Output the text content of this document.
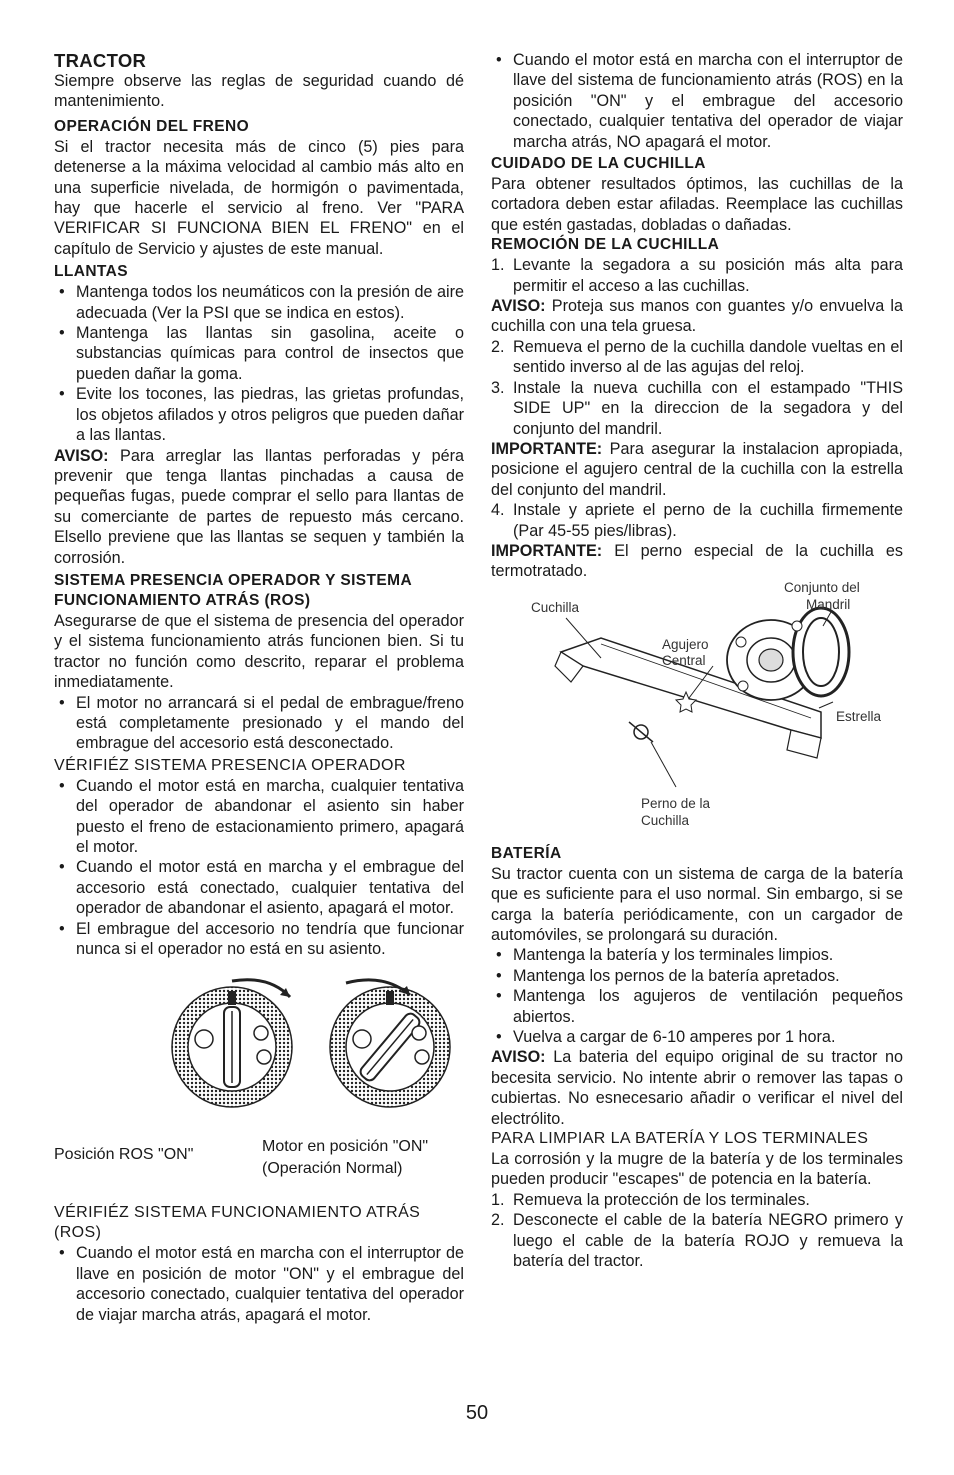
TRACTOR

Siempre observe las reglas de seguridad cuando dé mantenimiento.

OPERACIÓN DEL FRENO

Si el tractor necesita más de cinco (5) pies para detenerse a la máxima velocidad al cambio más alto en una superficie nivelada, de hormigón o pavimentada, hay que hacerle el servicio al freno. Ver "PARA VERIFICAR SI FUNCIONA BIEN EL FRENO" en el capítulo de Servicio y ajustes de este manual.

LLANTAS
• Mantenga todos los neumáticos con la presión de aire adecuada (Ver la PSI que se indica en estos).
• Mantenga las llantas sin gasolina, aceite o substancias químicas para control de insectos que pueden dañar la goma.
• Evite los tocones, las piedras, las grietas profundas, los objetos afilados y otros peligros que pueden dañar a las llantas.

AVISO: Para arreglar las llantas perforadas y péra prevenir que tenga llantas pinchadas a causa de pequeñas fugas, puede comprar el sello para llantas de su comerciante de partes de repuesto más cercano. Elsello previene que las llantas se sequen y también la corrosión.

SISTEMA PRESENCIA OPERADOR Y SISTEMA FUNCIONAMIENTO ATRÁS (ROS)

Asegurarse de que el sistema de presencia del operador y el sistema funcionamiento atrás funcionen bien. Si tu tractor no función como descrito, reparar el problema inmediatamente.

• El motor no arrancará si el pedal de embrague/freno está completamente presionado y el mando del embrague del accesorio está desconectado.
VÉRIFIÉZ SISTEMA PRESENCIA OPERADOR
• Cuando el motor está en marcha, cualquier tentativa del operador de abandonar el asiento sin haber puesto el freno de estacionamiento primero, apagará el motor.
• Cuando el motor está en marcha y el embrague del accesorio está conectado, cualquier tentativa del operador de abandonar el asiento, apagará el motor.
• El embrague del accesorio no tendría que funcionar nunca si el operador no está en su asiento.
Posición ROS "ON"	Motor en posición "ON"
(Operación Normal)
VÉRIFIÉZ SISTEMA FUNCIONAMIENTO ATRÁS (ROS)
• Cuando el motor está en marcha con el interruptor de llave en posición de motor "ON" y el embrague del accesorio conectado, cualquier tentativa del operador de viajar marcha atrás, apagará el motor.
• Cuando el motor está en marcha con el interruptor de llave del sistema de funcionamiento atrás (ROS) en la posición "ON" y el embrague del accesorio conectado, cualquier tentativa del operador de viajar marcha atrás, NO apagará el motor.
CUIDADO DE LA CUCHILLA

Para obtener resultados óptimos, las cuchillas de la cortadora deben estar afiladas. Reemplace las cuchillas que estén gastadas, dobladas o dañadas.

REMOCIÓN DE LA CUCHILLA
1. Levante la segadora a su posición más alta para permitir el acceso a las cuchillas.

AVISO: Proteja sus manos con guantes y/o envuelva la cuchilla con una tela gruesa.

2. Remueva el perno de la cuchilla dandole vueltas en el sentido inverso al de las agujas del reloj.
3. Instale la nueva cuchilla con el estampado "THIS SIDE UP" en la direccion de la segadora y del conjunto del mandril.

IMPORTANTE: Para asegurar la instalacion apropiada, posicione el agujero central de la cuchilla con la estrella del conjunto del mandril.

4. Instale y apriete el perno de la cuchilla firmemente (Par 45-55 pies/libras).

IMPORTANTE: El perno especial de la cuchilla es termotratado.

Conjunto del
Mandril
Cuchilla
Agujero
Central
Estrella
Perno de la
Cuchilla
BATERÍA

Su tractor cuenta con un sistema de carga de la batería que es suficiente para el uso normal. Sin embargo, si se carga la batería periódicamente, con un cargador de automóviles, se prolongará su duración.

• Mantenga la batería y los terminales limpios.
• Mantenga los pernos de la batería apretados.
• Mantenga los agujeros de ventilación pequeños abiertos.
• Vuelva a cargar de 6-10 amperes por 1 hora.

AVISO: La bateria del equipo original de su tractor no becesita servicio. No intente abrir o remover las tapas o cubiertas. No esnecesario añadir o verificar el nivel del electrólito.

PARA LIMPIAR LA BATERÍA Y LOS TERMINALES

La corrosión y la mugre de la batería y de los terminales pueden producir "escapes" de potencia en la batería.

1. Remueva la protección de los terminales.
2. Desconecte el cable de la batería NEGRO primero y luego el cable de la batería ROJO y remueva la batería del tractor.
50
